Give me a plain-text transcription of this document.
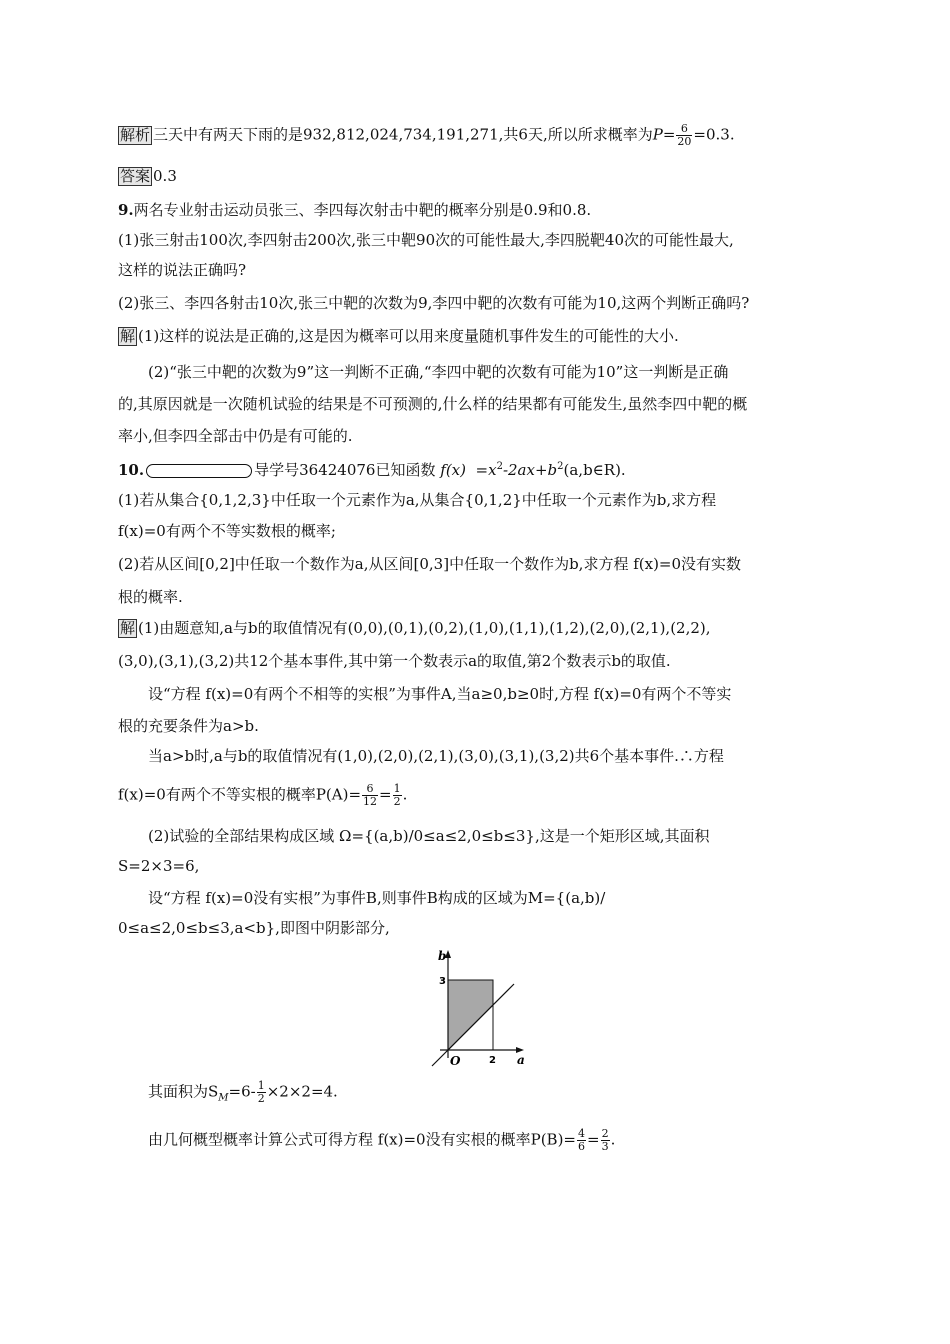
解析 三天中有两天下雨的是932,812,024,734,191,271,共6天,所以所求概率为$P= \frac{6}{20} =0.3$.
答案 0.3
9.两名专业射击运动员张三、李四每次射击中靶的概率分别是0.9和0.8.
(1)张三射击100次,李四射击200次,张三中靶90次的可能性最大,李四脱靶40次的可能性最大,
这样的说法正确吗?
(2)张三、李四各射击10次,张三中靶的次数为9,李四中靶的次数有可能为10,这两个判断正确吗?
解 (1)这样的说法是正确的,这是因为概率可以用来度量随机事件发生的可能性的大小.
(2)“张三中靶的次数为9”这一判断不正确,“李四中靶的次数有可能为10”这一判断是正确
的,其原因就是一次随机试验的结果是不可预测的,什么样的结果都有可能发生,虽然李四中靶的概
率小,但李四全部击中仍是有可能的.
10.	导学号36424076已知函数 $f(x) =x^2-2ax+b^2(a,b\in R)$.
(1)若从集合{0,1,2,3}中任取一个元素作为a,从集合{0,1,2}中任取一个元素作为b,求方程
f(x)=0有两个不等实数根的概率;
(2)若从区间[0,2]中任取一个数作为a,从区间[0,3]中任取一个数作为b,求方程 f(x)=0没有实数
根的概率.
解 (1)由题意知,a与b的取值情况有(0,0),(0,1),(0,2),(1,0),(1,1),(1,2),(2,0),(2,1),(2,2),
(3,0),(3,1),(3,2)共12个基本事件,其中第一个数表示a的取值,第2个数表示b的取值.
设“方程 f(x)=0有两个不相等的实根”为事件A,当a≥0,b≥0时,方程 f(x)=0有两个不等实
根的充要条件为a>b.
当a>b时,a与b的取值情况有(1,0),(2,0),(2,1),(3,0),(3,1),(3,2)共6个基本事件.∴方程
f(x)=0有两个不等实根的概率$P(A)= \frac{6}{12} = \frac{1}{2}$ .
(2)试验的全部结果构成区域 Ω={(a,b)/0≤a≤2,0≤b≤3},这是一个矩形区域,其面积
S=2×3=6,
设“方程 f(x)=0没有实根”为事件B,则事件B构成的区域为M={(a,b)/
0≤a≤2,0≤b≤3,a<b},即图中阴影部分,
b
a
O
3
2
其面积为$S_M=6- \frac{1}{2} \times 2\times 2=4$.
由几何概型概率计算公式可得方程 f(x)=0没有实根的概率$P(B)= \frac{4}{6} = \frac{2}{3}$ .
